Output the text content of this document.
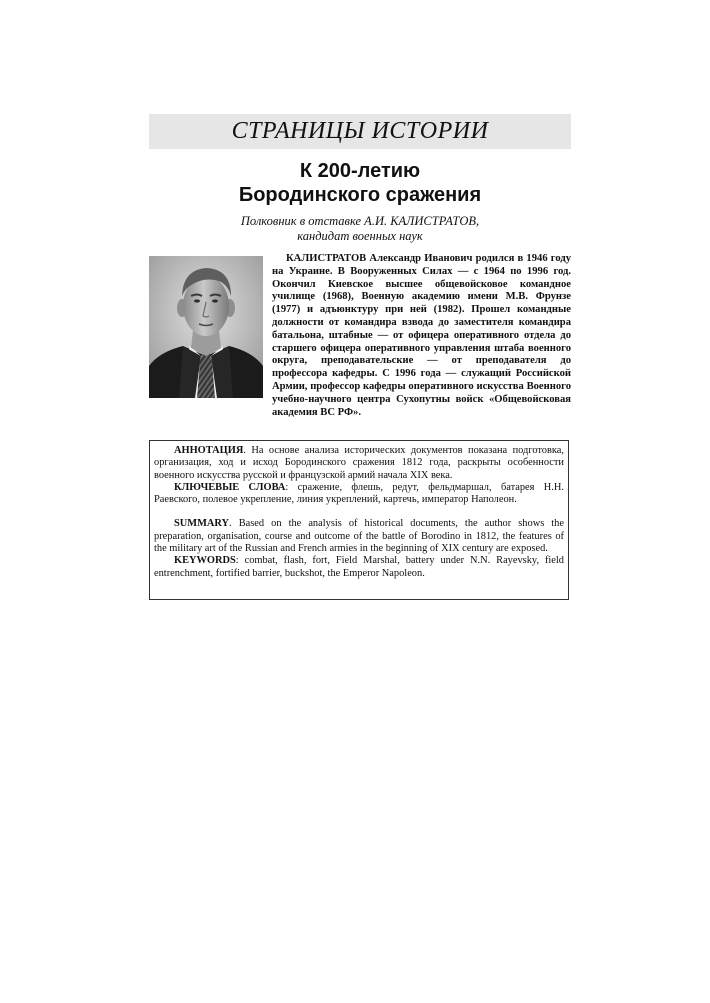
СТРАНИЦЫ ИСТОРИИ
К 200-летию
Бородинского сражения
Полковник в отставке А.И. КАЛИСТРАТОВ,
кандидат военных наук

КАЛИСТРАТОВ Александр Иванович родился в 1946 году на Украине. В Вооруженных Силах — с 1964 по 1996 год. Окончил Киевское высшее общевойсковое командное училище (1968), Военную академию имени М.В. Фрунзе (1977) и адъюнктуру при ней (1982). Прошел командные должности от командира взвода до заместителя командира батальона, штабные — от офицера оперативного отдела до старшего офицера оперативного управления штаба военного округа, преподавательские — от преподавателя до профессора кафедры. С 1996 года — служащий Российской Армии, профессор кафедры оперативного искусства Военного учебно-научного центра Сухопутны войск «Общевойсковая академия ВС РФ».

АННОТАЦИЯ. На основе анализа исторических документов показана подготовка, организация, ход и исход Бородинского сражения 1812 года, раскрыты особенности военного искусства русской и французской армий начала XIX века.

КЛЮЧЕВЫЕ СЛОВА: сражение, флешь, редут, фельдмаршал, батарея Н.Н. Раевского, полевое укрепление, линия укреплений, картечь, император Наполеон.

SUMMARY. Based on the analysis of historical documents, the author shows the preparation, organisation, course and outcome of the battle of Borodino in 1812, the features of the military art of the Russian and French armies in the beginning of XIX century are exposed.

KEYWORDS: combat, flash, fort, Field Marshal, battery under N.N. Rayevsky, field entrenchment, fortified barrier, buckshot, the Emperor Napoleon.
